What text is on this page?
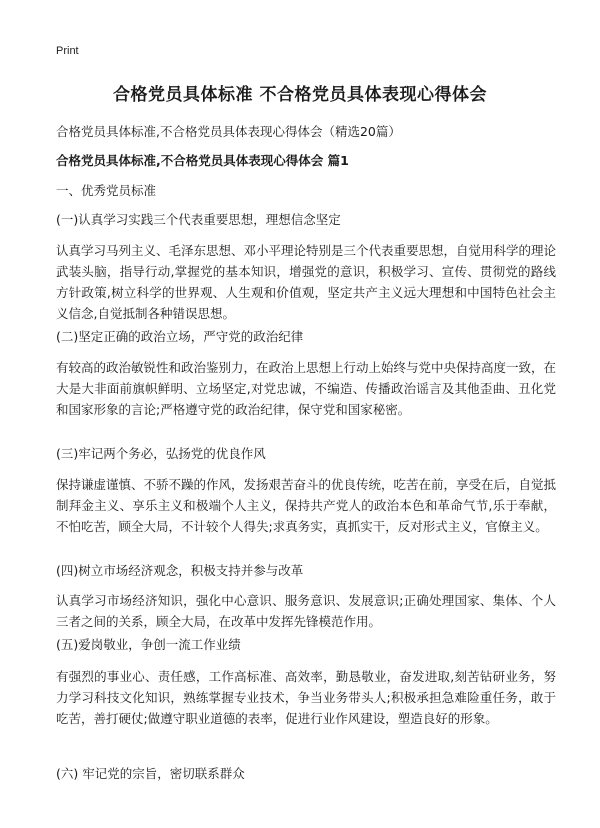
Print
合格党员具体标准 不合格党员具体表现心得体会
合格党员具体标准,不合格党员具体表现心得体会（精选20篇）
合格党员具体标准,不合格党员具体表现心得体会 篇1
一、优秀党员标准
(一)认真学习实践三个代表重要思想，理想信念坚定
认真学习马列主义、毛泽东思想、邓小平理论特别是三个代表重要思想，自觉用科学的理论武装头脑，指导行动,掌握党的基本知识，增强党的意识，积极学习、宣传、贯彻党的路线方针政策,树立科学的世界观、人生观和价值观，坚定共产主义远大理想和中国特色社会主义信念,自觉抵制各种错误思想。
(二)坚定正确的政治立场，严守党的政治纪律
有较高的政治敏锐性和政治鉴别力，在政治上思想上行动上始终与党中央保持高度一致，在大是大非面前旗帜鲜明、立场坚定,对党忠诚，不编造、传播政治谣言及其他歪曲、丑化党和国家形象的言论;严格遵守党的政治纪律，保守党和国家秘密。
(三)牢记两个务必，弘扬党的优良作风
保持谦虚谨慎、不骄不躁的作风，发扬艰苦奋斗的优良传统，吃苦在前，享受在后，自觉抵制拜金主义、享乐主义和极端个人主义，保持共产党人的政治本色和革命气节,乐于奉献，不怕吃苦，顾全大局，不计较个人得失;求真务实，真抓实干，反对形式主义，官僚主义。
(四)树立市场经济观念，积极支持并参与改革
认真学习市场经济知识，强化中心意识、服务意识、发展意识;正确处理国家、集体、个人三者之间的关系，顾全大局，在改革中发挥先锋模范作用。
(五)爱岗敬业，争创一流工作业绩
有强烈的事业心、责任感，工作高标准、高效率，勤恳敬业，奋发进取,刻苦钻研业务，努力学习科技文化知识，熟练掌握专业技术，争当业务带头人;积极承担急难险重任务，敢于吃苦，善打硬仗;做遵守职业道德的表率，促进行业作风建设，塑造良好的形象。
(六) 牢记党的宗旨，密切联系群众
